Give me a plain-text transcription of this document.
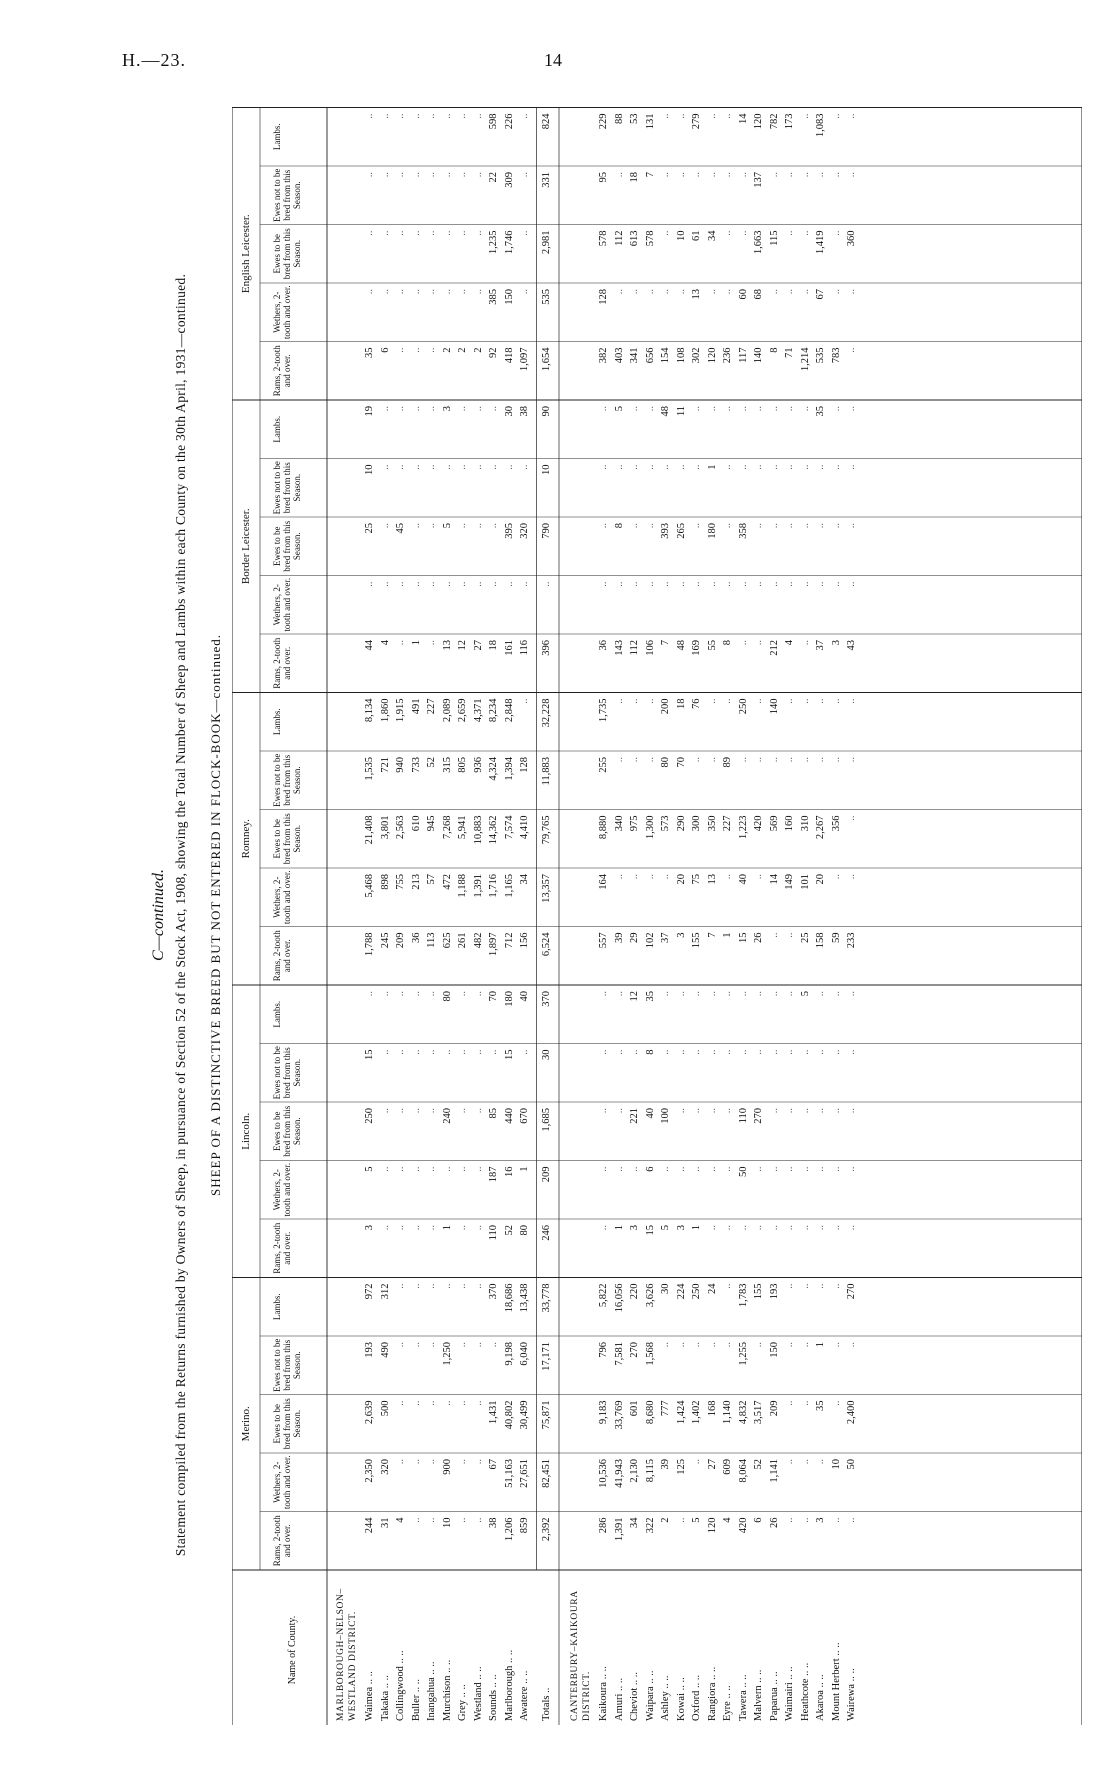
H.—23.	14
C—continued. Statement compiled from the Returns furnished by Owners of Sheep, in pursuance of Section 52 of the Stock Act, 1908, showing the Total Number of Sheep and Lambs within each County on the 30th April, 1931—continued. SHEEP OF A DISTINCTIVE BREED BUT NOT ENTERED IN FLOCK-BOOK—continued.
Name of County.
Merino.
Rams, 2-tooth and over.
Wethers, 2-tooth and over.
Ewes to be bred from this Season.
Ewes not to be bred from this Season.
Lambs.
Lincoln.
Rams, 2-tooth and over.
Wethers, 2-tooth and over.
Ewes to be bred from this Season.
Ewes not to be bred from this Season.
Lambs.
Romney.
Rams, 2-tooth and over.
Wethers, 2-tooth and over.
Ewes to be bred from this Season.
Ewes not to be bred from this Season.
Lambs.
Border Leicester.
Rams, 2-tooth and over.
Wethers, 2-tooth and over.
Ewes to be bred from this Season.
Ewes not to be bred from this Season.
Lambs.
English Leicester.
Rams, 2-tooth and over.
Wethers, 2-tooth and over.
Ewes to be bred from this Season.
Ewes not to be bred from this Season.
Lambs.
MARLBOROUGH–NELSON–WESTLAND DISTRICT. Waimea .. ..
244
2,350
2,639
193
972
3
5
250
15
..
1,788
5,468
21,408
1,535
8,134
44
..
25
10
19
35
..
..
..
..
Takaka .. ..
31
320
500
490
312
..
..
..
..
..
245
898
3,801
721
1,860
4
..
..
..
..
6
..
..
..
..
Collingwood .. ..
4
..
..
..
..
..
..
..
..
..
209
755
2,563
940
1,915
..
..
45
..
..
..
..
..
..
..
Buller .. ..
..
..
..
..
..
..
..
..
..
..
36
213
610
733
491
1
..
..
..
..
..
..
..
..
..
Inangahua .. ..
..
..
..
..
..
..
..
..
..
..
113
57
945
52
227
..
..
..
..
..
..
..
..
..
..
Murchison .. ..
10
900
..
1,250
..
1
..
240
..
80
625
472
7,268
315
2,089
13
..
5
..
3
2
..
..
..
..
Grey .. ..
..
..
..
..
..
..
..
..
..
..
261
1,188
5,941
805
2,659
12
..
..
..
..
2
..
..
..
..
Westland .. ..
..
..
..
..
..
..
..
..
..
..
482
1,391
10,883
936
4,371
27
..
..
..
..
2
..
..
..
..
Sounds .. ..
38
67
1,431
..
370
110
187
85
..
70
1,897
1,716
14,362
4,324
8,234
18
..
..
..
..
92
385
1,235
22
598
Marlborough .. ..
1,206
51,163
40,802
9,198
18,686
52
16
440
15
180
712
1,165
7,574
1,394
2,848
161
..
395
..
30
418
150
1,746
309
226
Awatere .. ..
859
27,651
30,499
6,040
13,438
80
1
670
..
40
156
34
4,410
128
..
116
..
320
..
38
1,097
..
..
..
..
Totals ..
2,392
82,451
75,871
17,171
33,778
246
209
1,685
30
370
6,524
13,357
79,765
11,883
32,228
396
..
790
10
90
1,654
535
2,981
331
824
CANTERBURY–KAIKOURA DISTRICT. Kaikoura .. ..
286
10,536
9,183
796
5,822
..
..
..
..
..
557
164
8,880
255
1,735
36
..
..
..
..
382
128
578
95
229
Amuri .. ..
1,391
41,943
33,769
7,581
16,056
1
..
..
..
..
39
..
340
..
..
143
..
8
..
5
403
..
112
..
88
Cheviot .. ..
34
2,130
601
270
220
3
..
221
..
12
29
..
975
..
..
112
..
..
..
..
341
..
613
18
53
Waipara .. ..
322
8,115
8,680
1,568
3,626
15
6
40
8
35
102
..
1,300
..
..
106
..
..
..
..
656
..
578
7
131
Ashley .. ..
2
39
777
..
30
5
..
100
..
..
37
..
573
80
200
7
..
393
..
48
154
..
..
..
..
Kowai .. ..
..
125
1,424
..
224
3
..
..
..
..
3
20
290
70
18
48
..
265
..
11
108
..
10
..
..
Oxford .. ..
5
..
1,402
..
250
1
..
..
..
..
155
75
300
..
76
169
..
..
..
..
302
13
61
..
279
Rangiora .. ..
120
27
168
..
24
..
..
..
..
..
7
13
350
..
..
55
..
180
1
..
120
..
34
..
..
Eyre .. ..
4
609
1,140
..
..
..
..
..
..
..
1
..
227
89
..
8
..
..
..
..
236
..
..
..
..
Tawera .. ..
420
8,064
4,832
1,255
1,783
..
50
110
..
..
15
40
1,223
..
250
..
..
358
..
..
117
60
..
..
14
Malvern .. ..
6
52
3,517
..
155
..
..
270
..
..
26
..
420
..
..
..
..
..
..
..
140
68
1,663
137
120
Paparua .. ..
26
1,141
209
150
193
..
..
..
..
..
..
14
569
..
140
212
..
..
..
..
8
..
115
..
782
Waimairi .. ..
..
..
..
..
..
..
..
..
..
..
..
149
160
..
..
4
..
..
..
..
71
..
..
..
173
Heathcote .. ..
..
..
..
..
..
..
..
..
..
5
25
101
310
..
..
..
..
..
..
..
1,214
..
..
..
..
Akaroa .. ..
3
..
35
1
..
..
..
..
..
..
158
20
2,267
..
..
37
..
..
..
35
535
67
1,419
..
1,083
Mount Herbert .. ..
..
10
..
..
..
..
..
..
..
..
59
..
356
..
..
3
..
..
..
..
783
..
..
..
..
Wairewa .. ..
..
50
2,400
..
270
..
..
..
..
..
233
..
..
..
..
43
..
..
..
..
..
..
360
..
..
